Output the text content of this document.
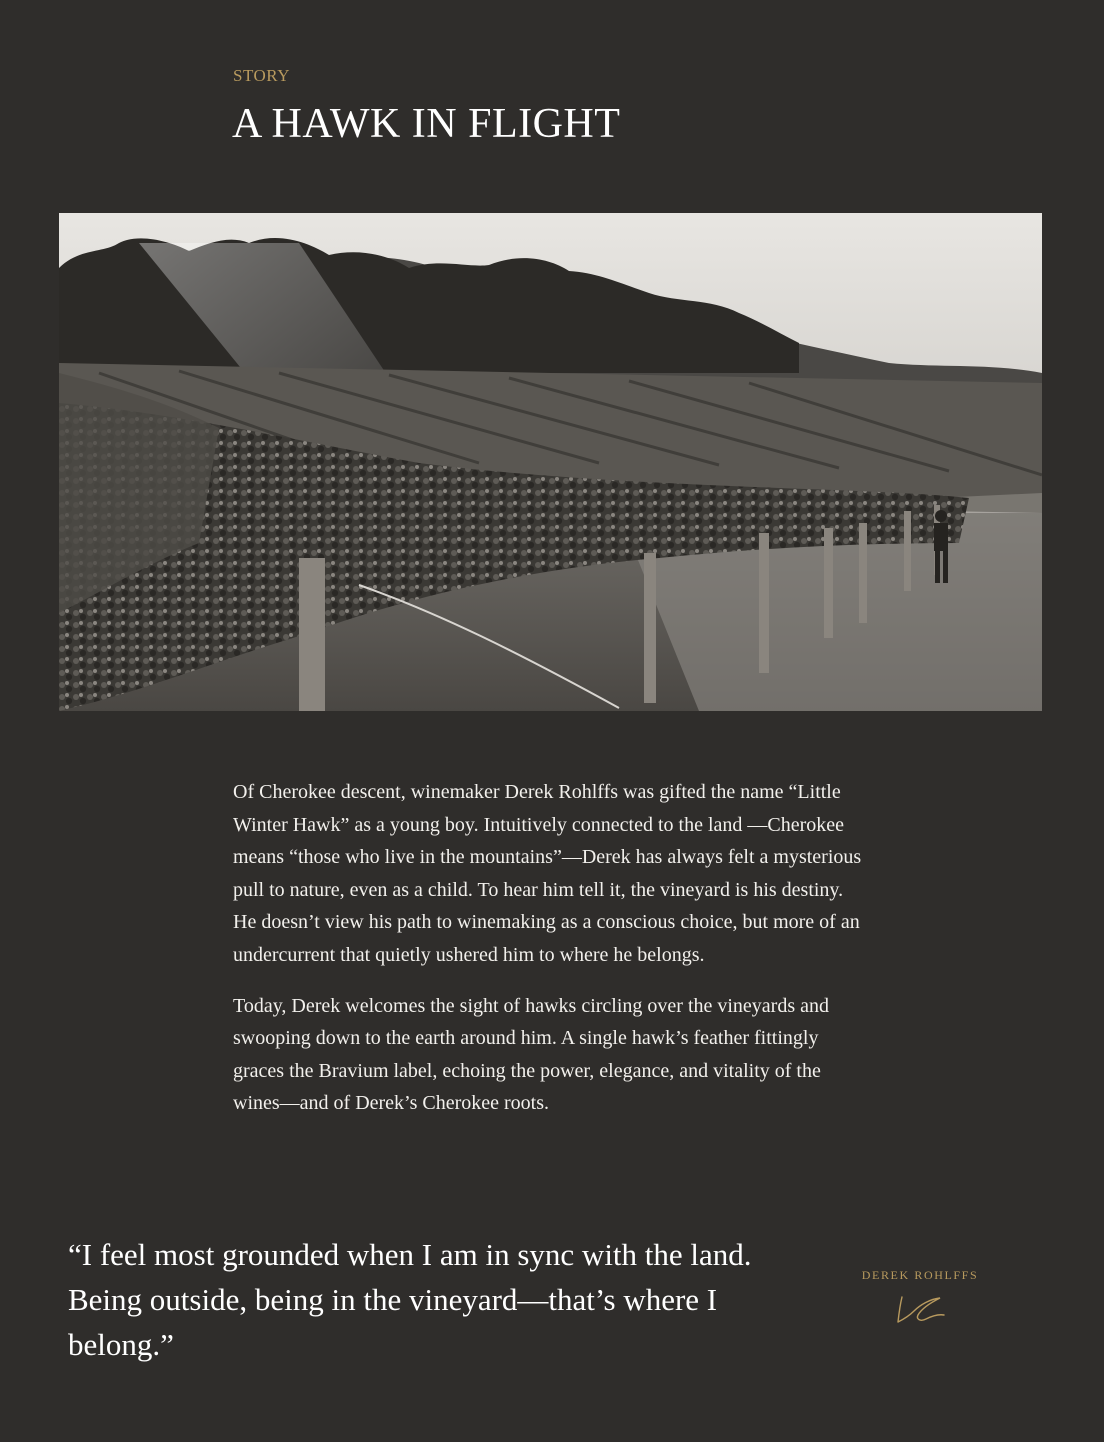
STORY
A HAWK IN FLIGHT

Of Cherokee descent, winemaker Derek Rohlffs was gifted the name “Little Winter Hawk” as a young boy. Intuitively connected to the land —Cherokee means “those who live in the mountains”—Derek has always felt a mysterious pull to nature, even as a child. To hear him tell it, the vineyard is his destiny. He doesn’t view his path to winemaking as a conscious choice, but more of an undercurrent that quietly ushered him to where he belongs.

Today, Derek welcomes the sight of hawks circling over the vineyards and swooping down to the earth around him. A single hawk’s feather fittingly graces the Bravium label, echoing the power, elegance, and vitality of the wines—and of Derek’s Cherokee roots.

“I feel most grounded when I am in sync with the land. Being outside, being in the vineyard—that’s where I belong.”
DEREK ROHLFFS
